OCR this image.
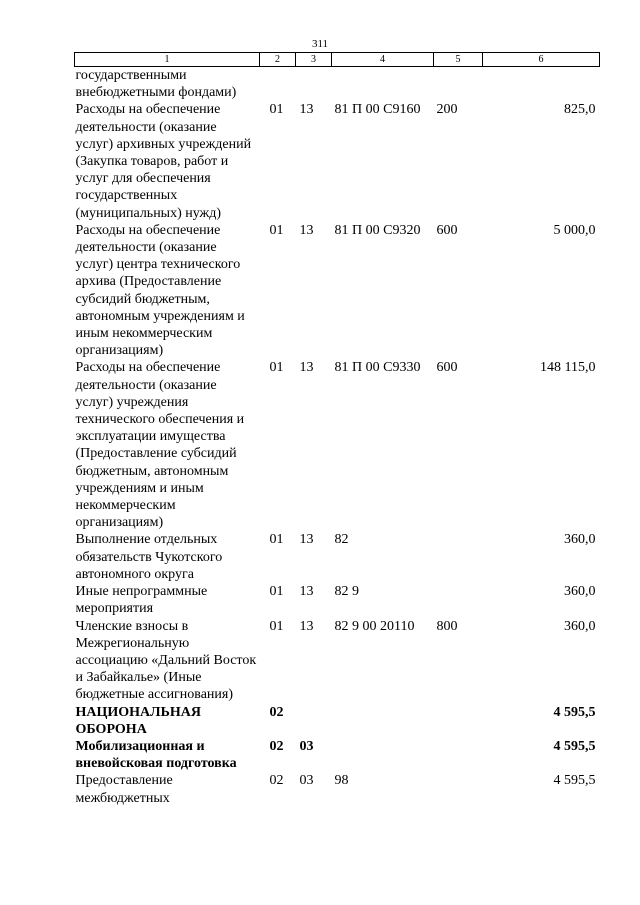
311
1	2	3	4	5	6
государственными внебюджетными фондами)					
Расходы на обеспечение деятельности (оказание услуг) архивных учреждений (Закупка товаров, работ и услуг для обеспечения государственных (муниципальных) нужд)	01	13	81 П 00 С9160	200	825,0
Расходы на обеспечение деятельности (оказание услуг) центра технического архива (Предоставление субсидий бюджетным, автономным учреждениям и иным некоммерческим организациям)	01	13	81 П 00 С9320	600	5 000,0
Расходы на обеспечение деятельности (оказание услуг) учреждения технического обеспечения и эксплуатации имущества (Предоставление субсидий бюджетным, автономным учреждениям и иным некоммерческим организациям)	01	13	81 П 00 С9330	600	148 115,0
Выполнение отдельных обязательств Чукотского автономного округа	01	13	82		360,0
Иные непрограммные мероприятия	01	13	82 9		360,0
Членские взносы в Межрегиональную ассоциацию «Дальний Восток и Забайкалье» (Иные бюджетные ассигнования)	01	13	82 9 00 20110	800	360,0
НАЦИОНАЛЬНАЯ ОБОРОНА	02				4 595,5
Мобилизационная и вневойсковая подготовка	02	03			4 595,5
Предоставление межбюджетных	02	03	98		4 595,5
